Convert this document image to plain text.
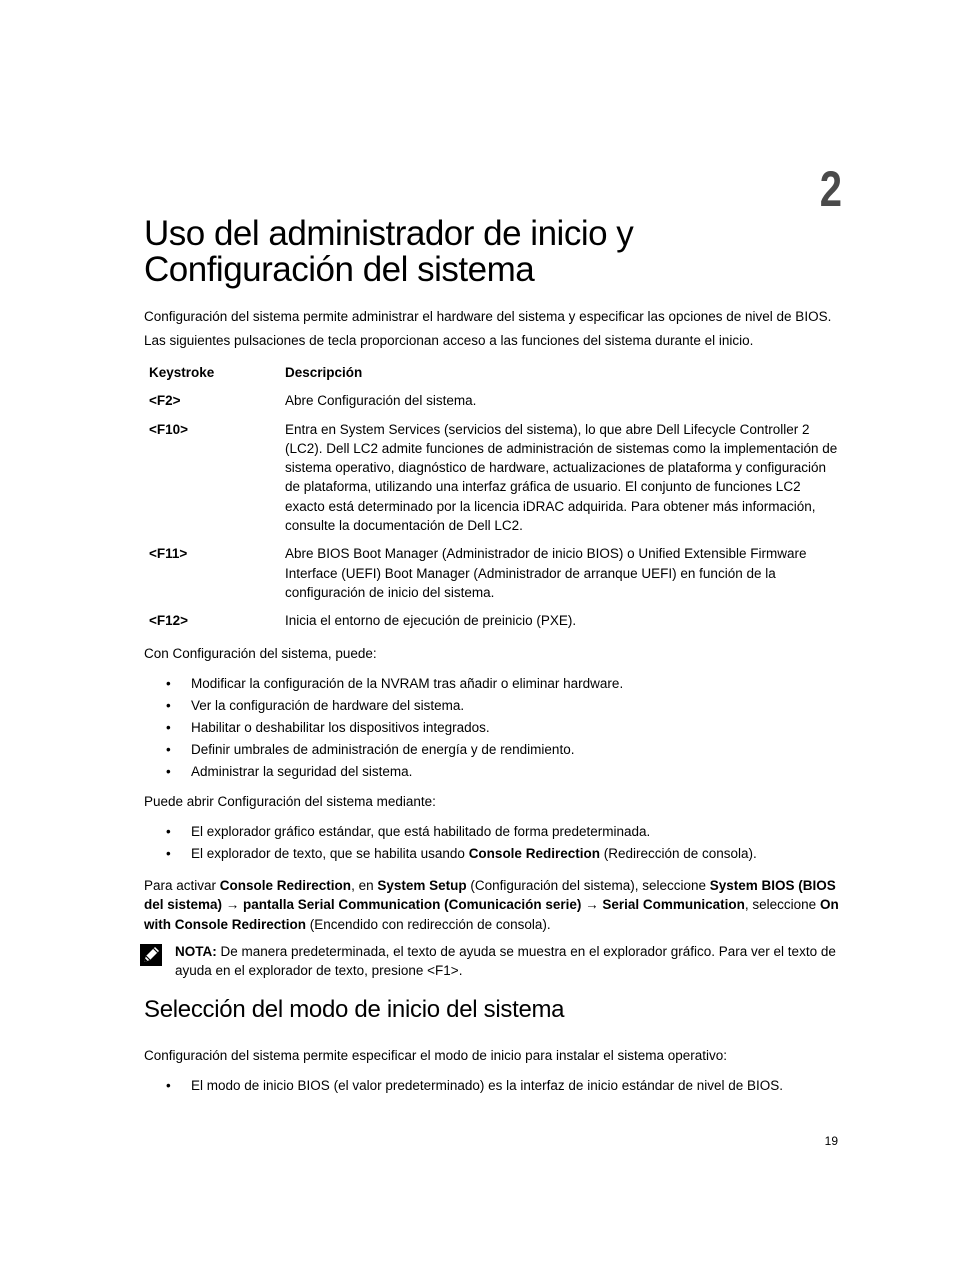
2
Uso del administrador de inicio y Configuración del sistema

Configuración del sistema permite administrar el hardware del sistema y especificar las opciones de nivel de BIOS.

Las siguientes pulsaciones de tecla proporcionan acceso a las funciones del sistema durante el inicio.

Keystroke	Descripción
<F2>	Abre Configuración del sistema.
<F10>	Entra en System Services (servicios del sistema), lo que abre Dell Lifecycle Controller 2 (LC2). Dell LC2 admite funciones de administración de sistemas como la implementación de sistema operativo, diagnóstico de hardware, actualizaciones de plataforma y configuración de plataforma, utilizando una interfaz gráfica de usuario. El conjunto de funciones LC2 exacto está determinado por la licencia iDRAC adquirida. Para obtener más información, consulte la documentación de Dell LC2.
<F11>	Abre BIOS Boot Manager (Administrador de inicio BIOS) o Unified Extensible Firmware Interface (UEFI) Boot Manager (Administrador de arranque UEFI) en función de la configuración de inicio del sistema.
<F12>	Inicia el entorno de ejecución de preinicio (PXE).

Con Configuración del sistema, puede:

• Modificar la configuración de la NVRAM tras añadir o eliminar hardware.
• Ver la configuración de hardware del sistema.
• Habilitar o deshabilitar los dispositivos integrados.
• Definir umbrales de administración de energía y de rendimiento.
• Administrar la seguridad del sistema.

Puede abrir Configuración del sistema mediante:

• El explorador gráfico estándar, que está habilitado de forma predeterminada.
• El explorador de texto, que se habilita usando Console Redirection (Redirección de consola).

Para activar Console Redirection, en System Setup (Configuración del sistema), seleccione System BIOS (BIOS del sistema) → pantalla Serial Communication (Comunicación serie) → Serial Communication, seleccione On with Console Redirection (Encendido con redirección de consola).

NOTA: De manera predeterminada, el texto de ayuda se muestra en el explorador gráfico. Para ver el texto de ayuda en el explorador de texto, presione <F1>.

Selección del modo de inicio del sistema

Configuración del sistema permite especificar el modo de inicio para instalar el sistema operativo:

• El modo de inicio BIOS (el valor predeterminado) es la interfaz de inicio estándar de nivel de BIOS.
19
